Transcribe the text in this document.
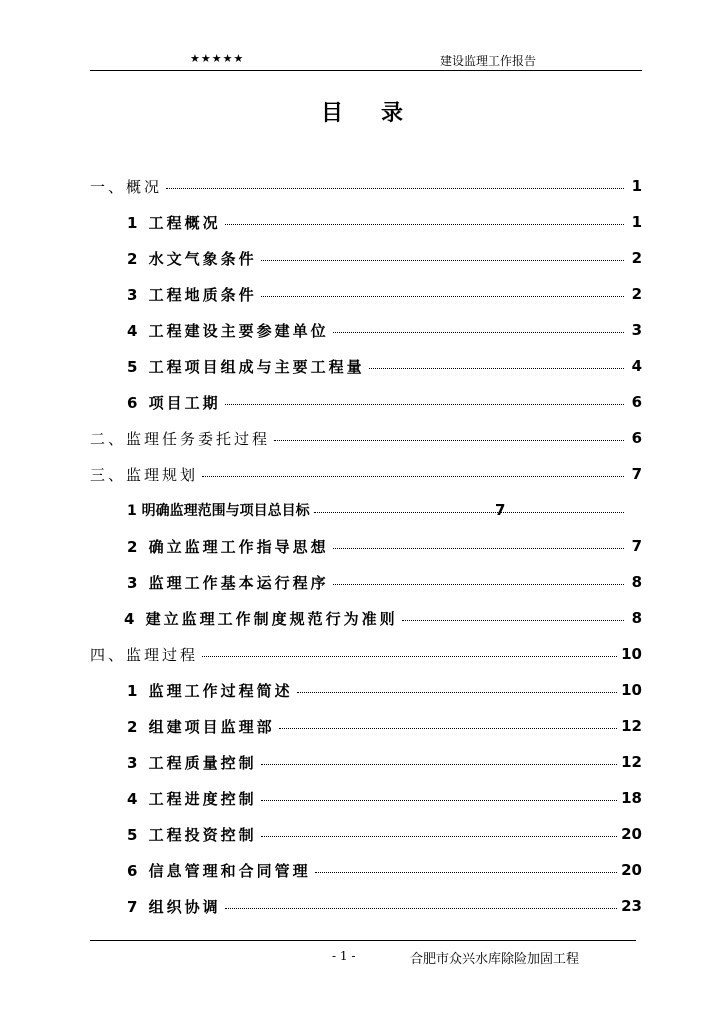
★★★★★	建设监理工作报告
目录
一、概况	1
1 工程概况	1
2 水文气象条件	2
3 工程地质条件	2
4 工程建设主要参建单位	3
5 工程项目组成与主要工程量	4
6 项目工期	6
二、监理任务委托过程	6
三、监理规划	7
1 明确监理范围与项目总目标	7
2 确立监理工作指导思想	7
3 监理工作基本运行程序	8
4 建立监理工作制度规范行为准则	8
四、监理过程	10
1 监理工作过程简述	10
2 组建项目监理部	12
3 工程质量控制	12
4 工程进度控制	18
5 工程投资控制	20
6 信息管理和合同管理	20
7 组织协调	23
- 1 -	合肥市众兴水库除险加固工程
